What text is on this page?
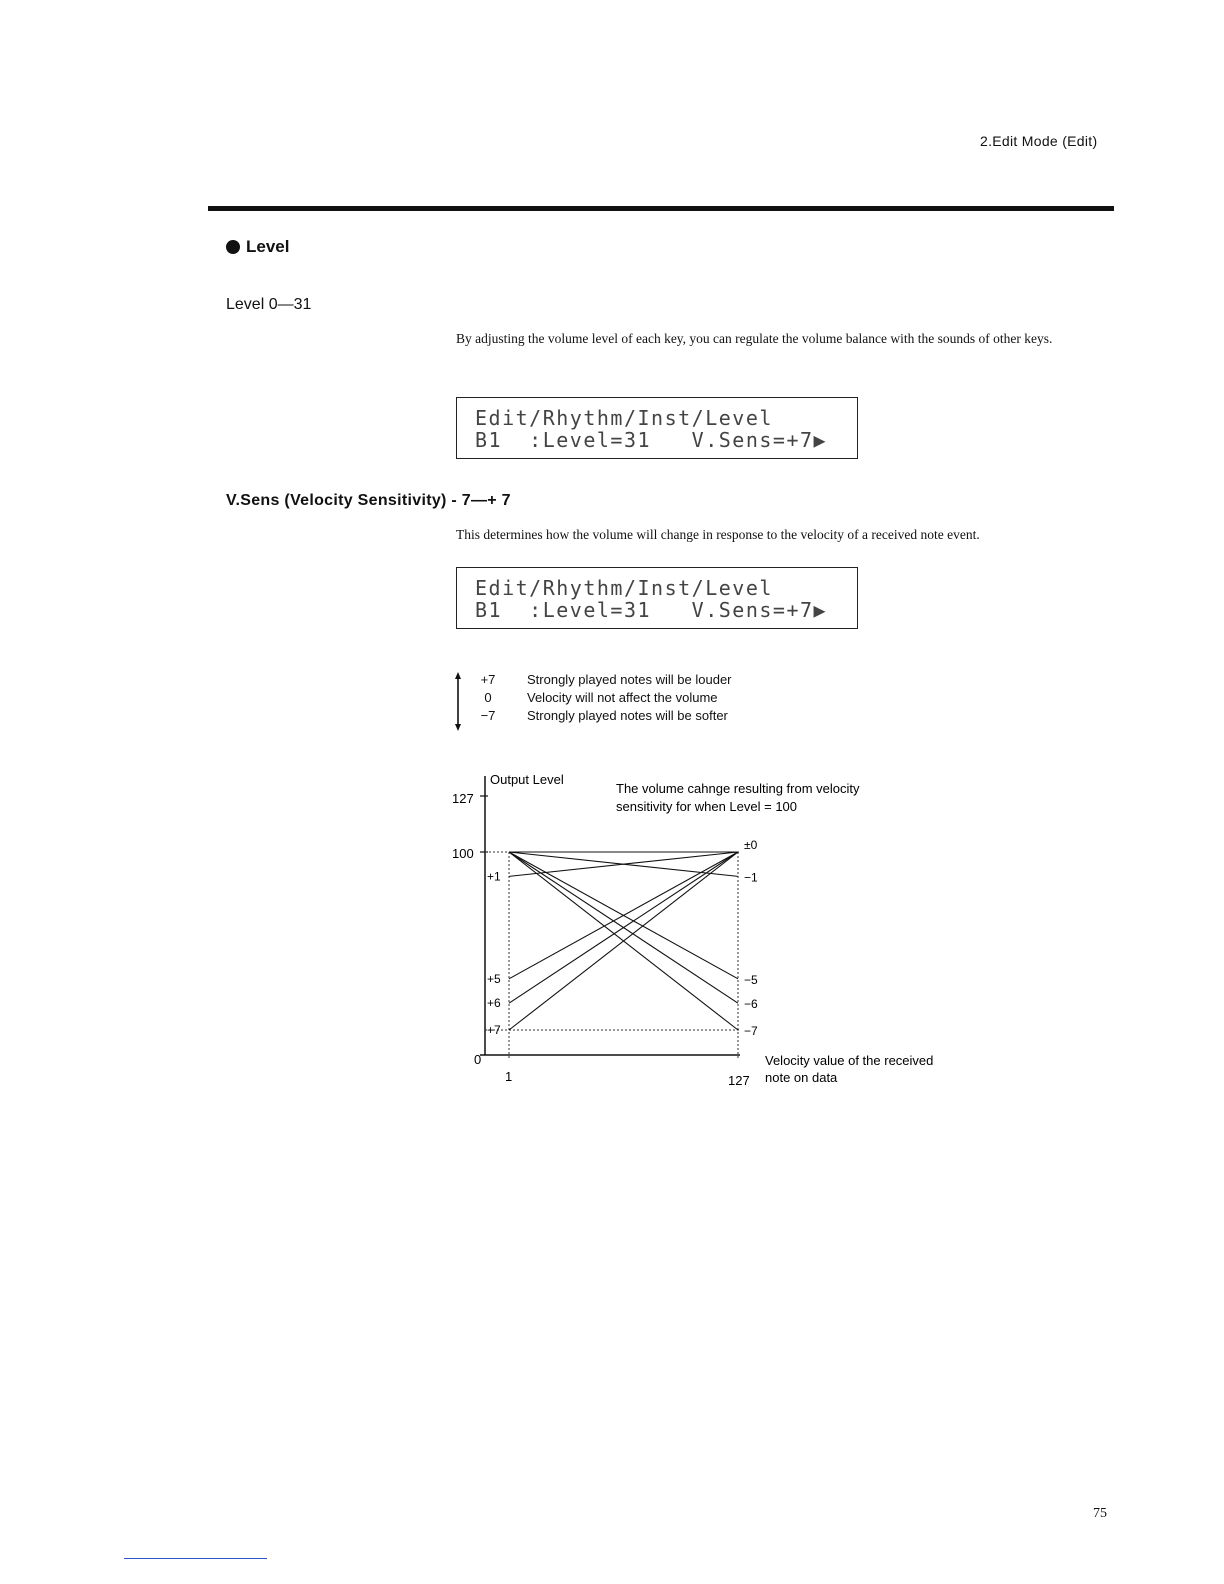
2.Edit Mode (Edit)
Level
Level 0—31
By adjusting the volume level of each key, you can regulate the volume balance with the sounds of other keys.
Edit/Rhythm/Inst/Level
B1  :Level=31   V.Sens=+7▶
V.Sens (Velocity Sensitivity) - 7—+ 7
This determines how the volume will change in response to the velocity of a received note event.
Edit/Rhythm/Inst/Level
B1  :Level=31   V.Sens=+7▶
+7	Strongly played notes will be louder
0	Velocity will not affect the volume
−7	Strongly played notes will be softer
Output Level
127
100
0
1	127
The volume cahnge resulting from velocity
sensitivity for when Level = 100
Velocity value of the received
note on data
±0
+1	−1
+5
+6
+7
−5
−6
−7
75
